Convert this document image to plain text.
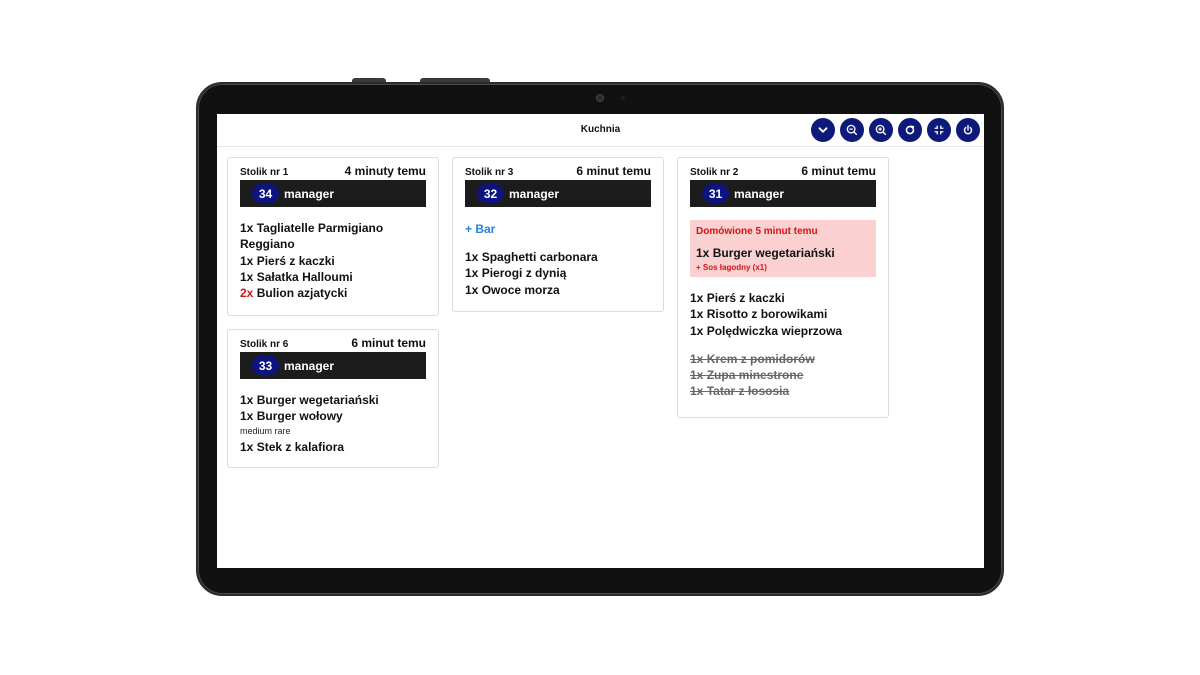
Kuchnia
Stolik nr 1	4 minuty temu
34 manager
1x Tagliatelle Parmigiano
Reggiano
1x Pierś z kaczki
1x Sałatka Halloumi
2x Bulion azjatycki
Stolik nr 6	6 minut temu
33 manager
1x Burger wegetariański
1x Burger wołowy
medium rare
1x Stek z kalafiora
Stolik nr 3	6 minut temu
32 manager
+ Bar
1x Spaghetti carbonara
1x Pierogi z dynią
1x Owoce morza
Stolik nr 2	6 minut temu
31 manager
Domówione 5 minut temu
1x Burger wegetariański
+ Sos łagodny (x1)
1x Pierś z kaczki
1x Risotto z borowikami
1x Polędwiczka wieprzowa
1x Krem z pomidorów
1x Zupa minestrone
1x Tatar z łososia
